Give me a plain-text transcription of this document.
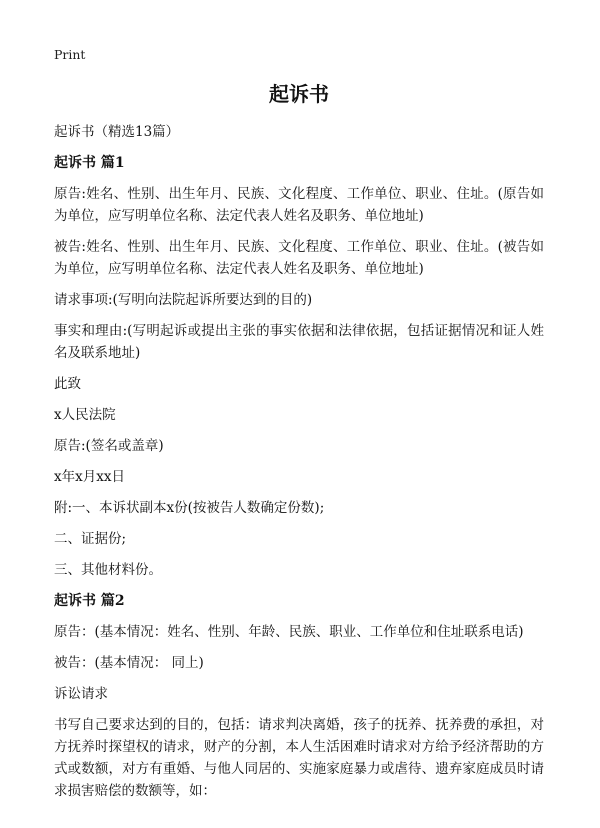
Print
起诉书
起诉书（精选13篇）
起诉书 篇1
原告:姓名、性别、出生年月、民族、文化程度、工作单位、职业、住址。(原告如为单位，应写明单位名称、法定代表人姓名及职务、单位地址)
被告:姓名、性别、出生年月、民族、文化程度、工作单位、职业、住址。(被告如为单位，应写明单位名称、法定代表人姓名及职务、单位地址)
请求事项:(写明向法院起诉所要达到的目的)
事实和理由:(写明起诉或提出主张的事实依据和法律依据，包括证据情况和证人姓名及联系地址)
此致
x人民法院
原告:(签名或盖章)
x年x月xx日
附:一、本诉状副本x份(按被告人数确定份数);
二、证据份;
三、其他材料份。
起诉书 篇2
原告：(基本情况：姓名、性别、年龄、民族、职业、工作单位和住址联系电话)
被告：(基本情况： 同上)
诉讼请求
书写自己要求达到的目的，包括：请求判决离婚，孩子的抚养、抚养费的承担，对方抚养时探望权的请求，财产的分割，本人生活困难时请求对方给予经济帮助的方式或数额，对方有重婚、与他人同居的、实施家庭暴力或虐待、遗弃家庭成员时请求损害赔偿的数额等，如：
